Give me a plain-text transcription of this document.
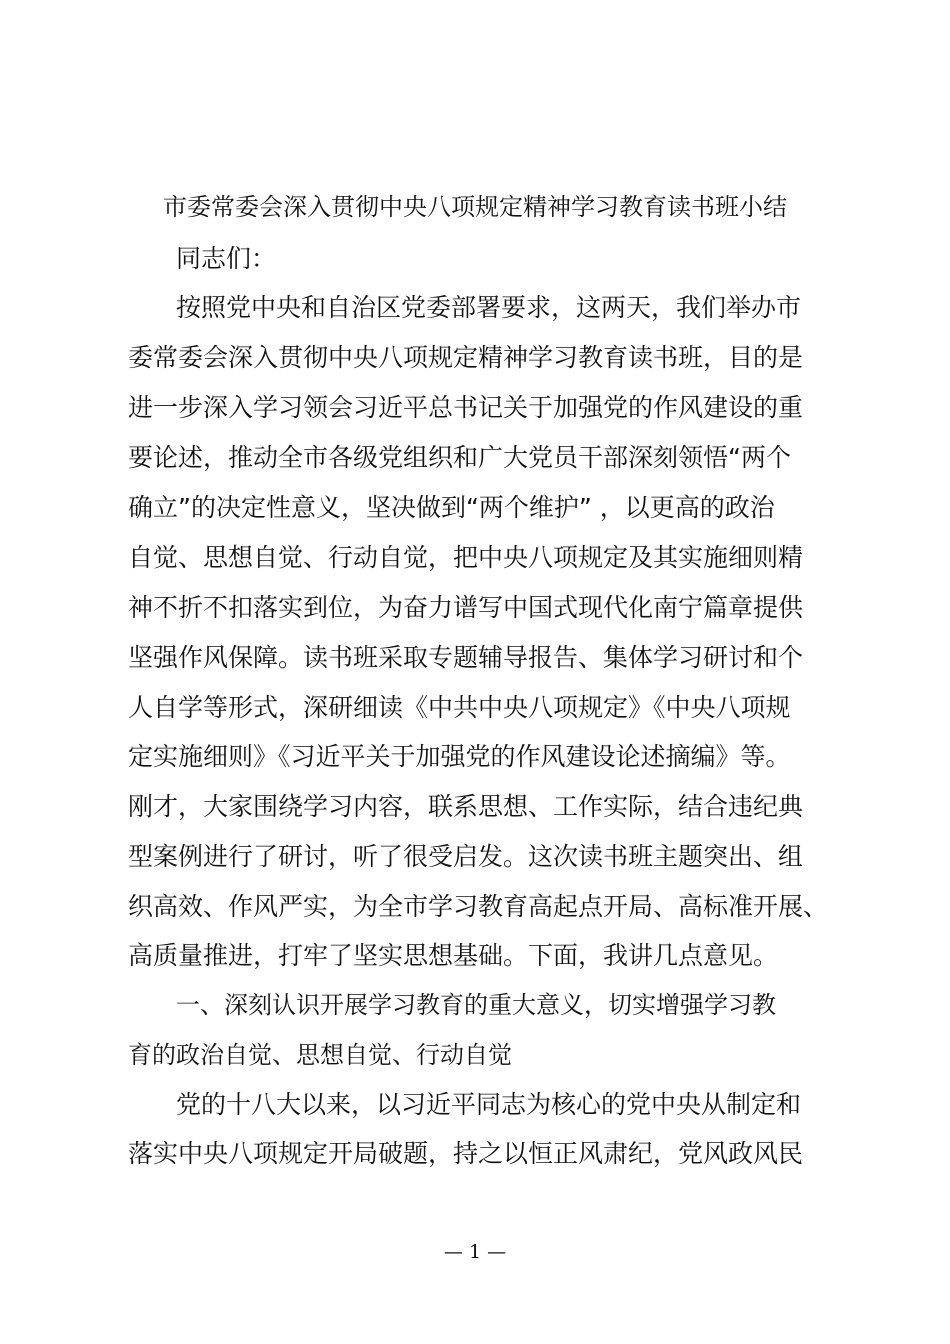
市委常委会深入贯彻中央八项规定精神学习教育读书班小结
同志们：
按照党中央和自治区党委部署要求，这两天，我们举办市
委常委会深入贯彻中央八项规定精神学习教育读书班，目的是
进一步深入学习领会习近平总书记关于加强党的作风建设的重
要论述，推动全市各级党组织和广大党员干部深刻领悟“两个
确立”的决定性意义，坚决做到“两个维护” ，以更高的政治
自觉、思想自觉、行动自觉，把中央八项规定及其实施细则精
神不折不扣落实到位，为奋力谱写中国式现代化南宁篇章提供
坚强作风保障。读书班采取专题辅导报告、集体学习研讨和个
人自学等形式，深研细读《中共中央八项规定》《中央八项规
定实施细则》《习近平关于加强党的作风建设论述摘编》等。
刚才，大家围绕学习内容，联系思想、工作实际，结合违纪典
型案例进行了研讨，听了很受启发。这次读书班主题突出、组
织高效、作风严实，为全市学习教育高起点开局、高标准开展、
高质量推进，打牢了坚实思想基础。下面，我讲几点意见。
一、深刻认识开展学习教育的重大意义，切实增强学习教
育的政治自觉、思想自觉、行动自觉
党的十八大以来，以习近平同志为核心的党中央从制定和
落实中央八项规定开局破题，持之以恒正风肃纪，党风政风民
— 1 —
